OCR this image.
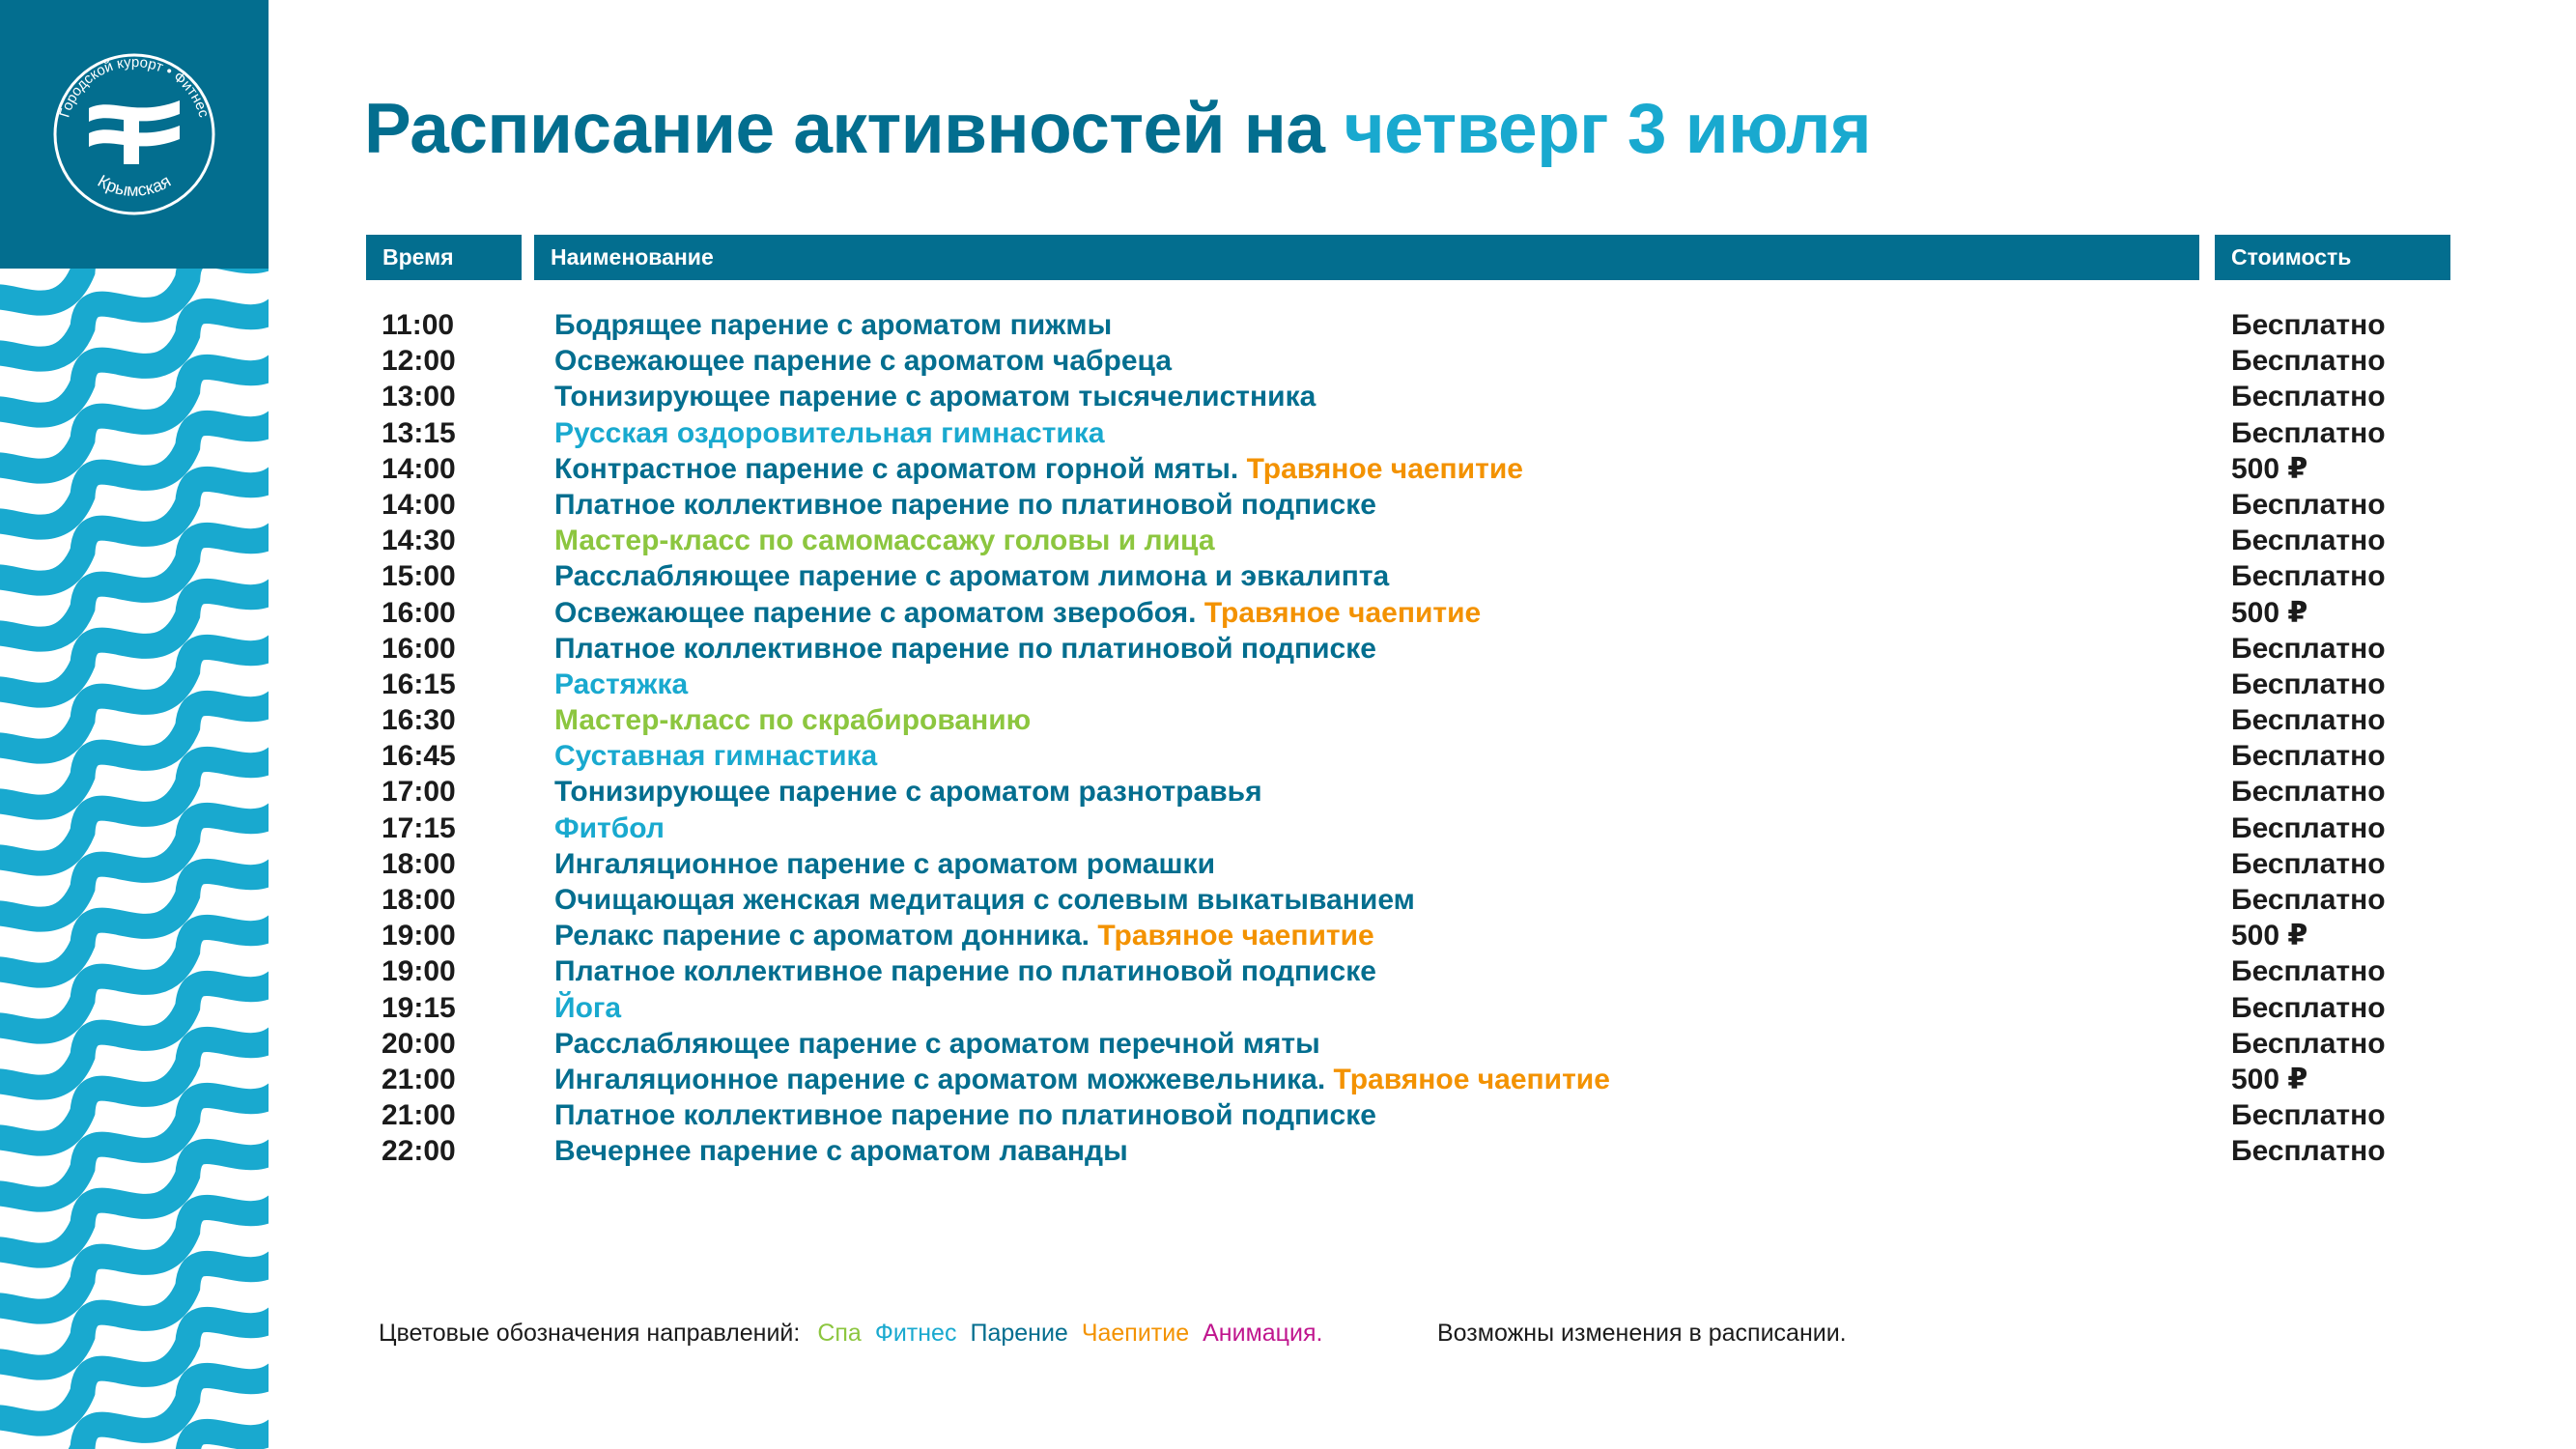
Городской курорт • Фитнес
Крымская
Расписание активностей на четверг 3 июля
Время	Наименование	Стоимость
11:00	Бодрящее парение с ароматом пижмы	Бесплатно
12:00	Освежающее парение с ароматом чабреца	Бесплатно
13:00	Тонизирующее парение с ароматом тысячелистника	Бесплатно
13:15	Русская оздоровительная гимнастика	Бесплатно
14:00	Контрастное парение с ароматом горной мяты. Травяное чаепитие	500 ₽
14:00	Платное коллективное парение по платиновой подписке	Бесплатно
14:30	Мастер-класс по самомассажу головы и лица	Бесплатно
15:00	Расслабляющее парение с ароматом лимона и эвкалипта	Бесплатно
16:00	Освежающее парение с ароматом зверобоя. Травяное чаепитие	500 ₽
16:00	Платное коллективное парение по платиновой подписке	Бесплатно
16:15	Растяжка	Бесплатно
16:30	Мастер-класс по скрабированию	Бесплатно
16:45	Суставная гимнастика	Бесплатно
17:00	Тонизирующее парение с ароматом разнотравья	Бесплатно
17:15	Фитбол	Бесплатно
18:00	Ингаляционное парение с ароматом ромашки	Бесплатно
18:00	Очищающая женская медитация с солевым выкатыванием	Бесплатно
19:00	Релакс парение с ароматом донника. Травяное чаепитие	500 ₽
19:00	Платное коллективное парение по платиновой подписке	Бесплатно
19:15	Йога	Бесплатно
20:00	Расслабляющее парение с ароматом перечной мяты	Бесплатно
21:00	Ингаляционное парение с ароматом можжевельника. Травяное чаепитие	500 ₽
21:00	Платное коллективное парение по платиновой подписке	Бесплатно
22:00	Вечернее парение с ароматом лаванды	Бесплатно
Цветовые обозначения направлений: Спа Фитнес Парение Чаепитие Анимация.	Возможны изменения в расписании.
